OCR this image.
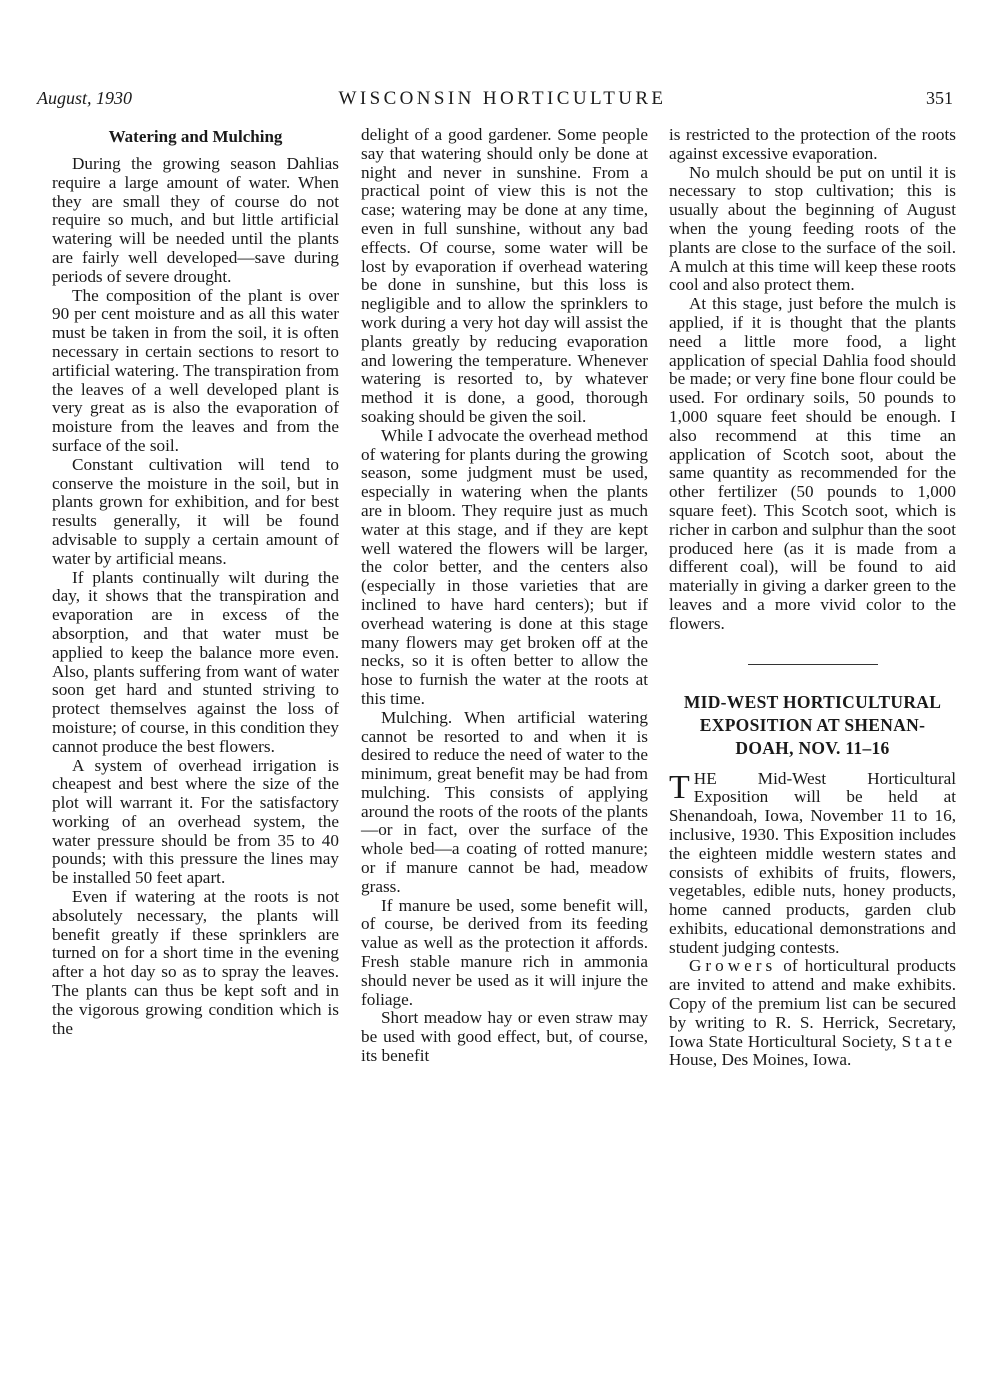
August, 1930	WISCONSIN HORTICULTURE	351
Watering and Mulching

During the growing season Dahlias require a large amount of water. When they are small they of course do not require so much, and but little artificial watering will be needed until the plants are fairly well developed—save during periods of severe drought.

The composition of the plant is over 90 per cent moisture and as all this water must be taken in from the soil, it is often necessary in certain sections to resort to artificial watering. The transpiration from the leaves of a well developed plant is very great as is also the evaporation of moisture from the leaves and from the surface of the soil.

Constant cultivation will tend to conserve the moisture in the soil, but in plants grown for exhibition, and for best results generally, it will be found advisable to supply a certain amount of water by artificial means.

If plants continually wilt during the day, it shows that the transpiration and evaporation are in excess of the absorption, and that water must be applied to keep the balance more even. Also, plants suffering from want of water soon get hard and stunted striving to protect themselves against the loss of moisture; of course, in this condition they cannot produce the best flowers.

A system of overhead irrigation is cheapest and best where the size of the plot will warrant it. For the satisfactory working of an overhead system, the water pressure should be from 35 to 40 pounds; with this pressure the lines may be installed 50 feet apart.

Even if watering at the roots is not absolutely necessary, the plants will benefit greatly if these sprinklers are turned on for a short time in the evening after a hot day so as to spray the leaves. The plants can thus be kept soft and in the vigorous growing condition which is the

delight of a good gardener. Some people say that watering should only be done at night and never in sunshine. From a practical point of view this is not the case; watering may be done at any time, even in full sunshine, without any bad effects. Of course, some water will be lost by evaporation if overhead watering be done in sunshine, but this loss is negligible and to allow the sprinklers to work during a very hot day will assist the plants greatly by reducing evaporation and lowering the temperature. Whenever watering is resorted to, by whatever method it is done, a good, thorough soaking should be given the soil.

While I advocate the overhead method of watering for plants during the growing season, some judgment must be used, especially in watering when the plants are in bloom. They require just as much water at this stage, and if they are kept well watered the flowers will be larger, the color better, and the centers also (especially in those varieties that are inclined to have hard centers); but if overhead watering is done at this stage many flowers may get broken off at the necks, so it is often better to allow the hose to furnish the water at the roots at this time.

Mulching. When artificial watering cannot be resorted to and when it is desired to reduce the need of water to the minimum, great benefit may be had from mulching. This consists of applying around the roots of the roots of the plants—or in fact, over the surface of the whole bed—a coating of rotted manure; or if manure cannot be had, meadow grass.

If manure be used, some benefit will, of course, be derived from its feeding value as well as the protection it affords. Fresh stable manure rich in ammonia should never be used as it will injure the foliage.

Short meadow hay or even straw may be used with good effect, but, of course, its benefit

is restricted to the protection of the roots against excessive evaporation.

No mulch should be put on until it is necessary to stop cultivation; this is usually about the beginning of August when the young feeding roots of the plants are close to the surface of the soil. A mulch at this time will keep these roots cool and also protect them.

At this stage, just before the mulch is applied, if it is thought that the plants need a little more food, a light application of special Dahlia food should be made; or very fine bone flour could be used. For ordinary soils, 50 pounds to 1,000 square feet should be enough. I also recommend at this time an application of Scotch soot, about the same quantity as recommended for the other fertilizer (50 pounds to 1,000 square feet). This Scotch soot, which is richer in carbon and sulphur than the soot produced here (as it is made from a different coal), will be found to aid materially in giving a darker green to the leaves and a more vivid color to the flowers.

MID-WEST HORTICULTURAL
EXPOSITION AT SHENAN-
DOAH, NOV. 11–16

THE Mid-West Horticultural Exposition will be held at Shenandoah, Iowa, November 11 to 16, inclusive, 1930. This Exposition includes the eighteen middle western states and consists of exhibits of fruits, flowers, vegetables, edible nuts, honey products, home canned products, garden club exhibits, educational demonstrations and student judging contests.

Growers of horticultural products are invited to attend and make exhibits. Copy of the premium list can be secured by writing to R. S. Herrick, Secretary, Iowa State Horticultural Society, State House, Des Moines, Iowa.
